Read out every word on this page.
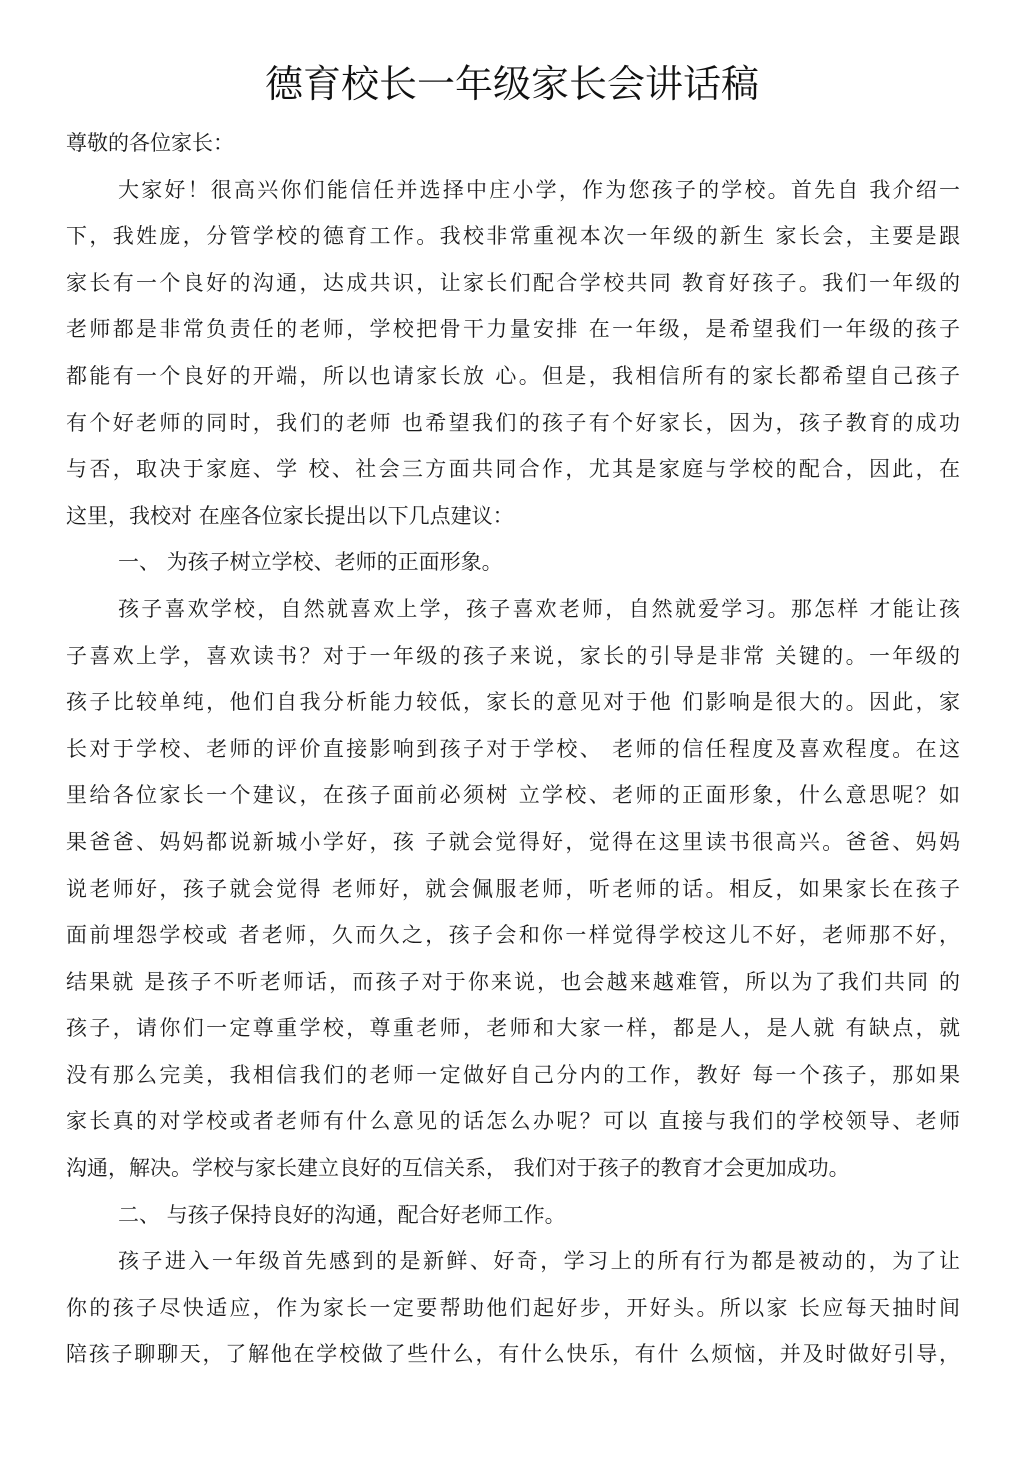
德育校长一年级家长会讲话稿
尊敬的各位家长：
大家好！很高兴你们能信任并选择中庄小学，作为您孩子的学校。首先自 我介绍一
下，我姓庞，分管学校的德育工作。我校非常重视本次一年级的新生 家长会，主要是跟
家长有一个良好的沟通，达成共识，让家长们配合学校共同 教育好孩子。我们一年级的
老师都是非常负责任的老师，学校把骨干力量安排 在一年级，是希望我们一年级的孩子
都能有一个良好的开端，所以也请家长放 心。但是，我相信所有的家长都希望自己孩子
有个好老师的同时，我们的老师 也希望我们的孩子有个好家长，因为，孩子教育的成功
与否，取决于家庭、学 校、社会三方面共同合作，尤其是家庭与学校的配合，因此，在
这里，我校对 在座各位家长提出以下几点建议：
一、 为孩子树立学校、老师的正面形象。
孩子喜欢学校，自然就喜欢上学，孩子喜欢老师，自然就爱学习。那怎样 才能让孩
子喜欢上学，喜欢读书？对于一年级的孩子来说，家长的引导是非常 关键的。一年级的
孩子比较单纯，他们自我分析能力较低，家长的意见对于他 们影响是很大的。因此，家
长对于学校、老师的评价直接影响到孩子对于学校、 老师的信任程度及喜欢程度。在这
里给各位家长一个建议，在孩子面前必须树 立学校、老师的正面形象，什么意思呢？如
果爸爸、妈妈都说新城小学好，孩 子就会觉得好，觉得在这里读书很高兴。爸爸、妈妈
说老师好，孩子就会觉得 老师好，就会佩服老师，听老师的话。相反，如果家长在孩子
面前埋怨学校或 者老师，久而久之，孩子会和你一样觉得学校这儿不好，老师那不好，
结果就 是孩子不听老师话，而孩子对于你来说，也会越来越难管，所以为了我们共同 的
孩子，请你们一定尊重学校，尊重老师，老师和大家一样，都是人，是人就 有缺点，就
没有那么完美，我相信我们的老师一定做好自己分内的工作，教好 每一个孩子，那如果
家长真的对学校或者老师有什么意见的话怎么办呢？可以 直接与我们的学校领导、老师
沟通，解决。学校与家长建立良好的互信关系， 我们对于孩子的教育才会更加成功。
二、 与孩子保持良好的沟通，配合好老师工作。
孩子进入一年级首先感到的是新鲜、好奇，学习上的所有行为都是被动的，为了让
你的孩子尽快适应，作为家长一定要帮助他们起好步，开好头。所以家 长应每天抽时间
陪孩子聊聊天，了解他在学校做了些什么，有什么快乐，有什 么烦恼，并及时做好引导，
